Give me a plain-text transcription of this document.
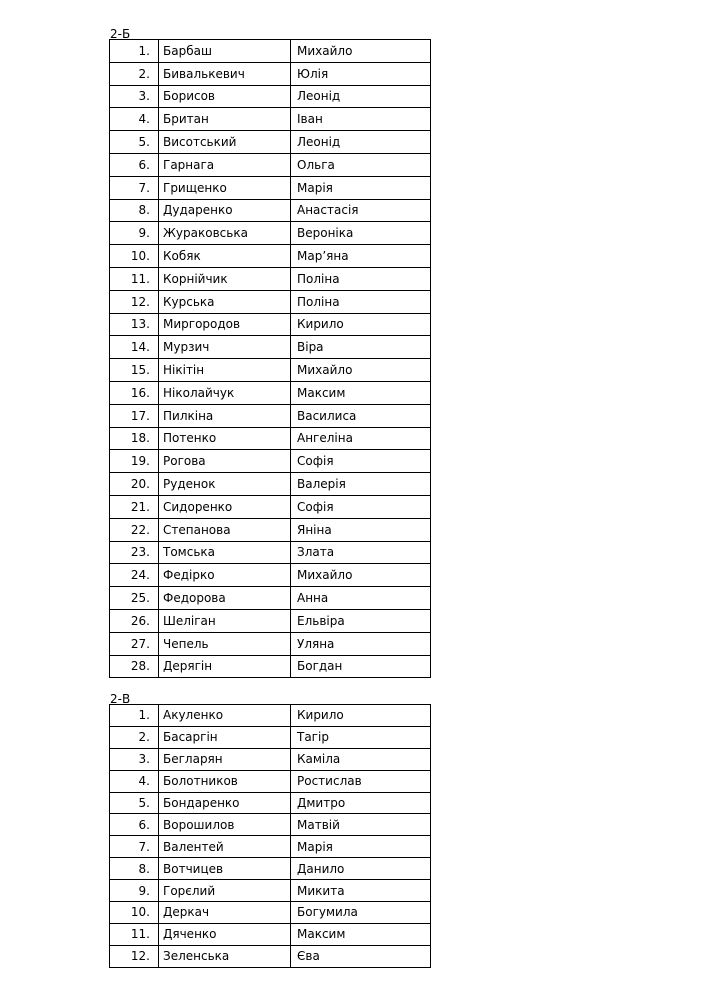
2-Б
1.	Барбаш	Михайло
2.	Бивалькевич	Юлія
3.	Борисов	Леонід
4.	Британ	Іван
5.	Висотський	Леонід
6.	Гарнага	Ольга
7.	Грищенко	Марія
8.	Дударенко	Анастасія
9.	Жураковська	Вероніка
10.	Кобяк	Мар’яна
11.	Корнійчик	Поліна
12.	Курська	Поліна
13.	Миргородов	Кирило
14.	Мурзич	Віра
15.	Нікітін	Михайло
16.	Ніколайчук	Максим
17.	Пилкіна	Василиса
18.	Потенко	Ангеліна
19.	Рогова	Софія
20.	Руденок	Валерія
21.	Сидоренко	Софія
22.	Степанова	Яніна
23.	Томська	Злата
24.	Федірко	Михайло
25.	Федорова	Анна
26.	Шеліган	Ельвіра
27.	Чепель	Уляна
28.	Дерягін	Богдан
2-В
1.	Акуленко	Кирило
2.	Басаргін	Тагір
3.	Бегларян	Каміла
4.	Болотников	Ростислав
5.	Бондаренко	Дмитро
6.	Ворошилов	Матвій
7.	Валентей	Марія
8.	Вотчицев	Данило
9.	Горєлий	Микита
10.	Деркач	Богумила
11.	Дяченко	Максим
12.	Зеленська	Єва
